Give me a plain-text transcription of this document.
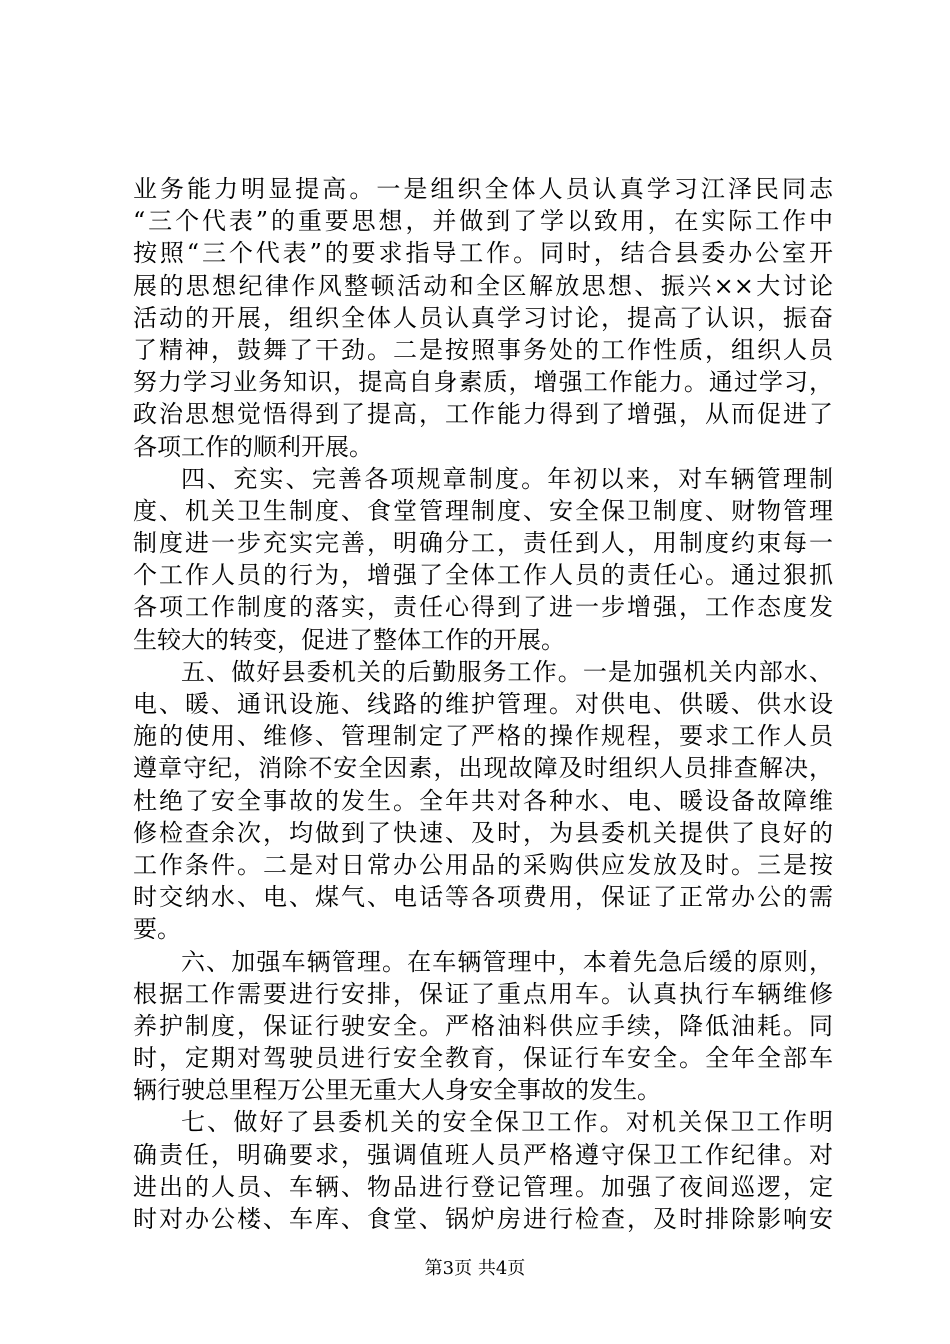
业务能力明显提高。一是组织全体人员认真学习江泽民同志
“三个代表”的重要思想，并做到了学以致用，在实际工作中
按照“三个代表”的要求指导工作。同时，结合县委办公室开
展的思想纪律作风整顿活动和全区解放思想、振兴××大讨论
活动的开展，组织全体人员认真学习讨论，提高了认识，振奋
了精神，鼓舞了干劲。二是按照事务处的工作性质，组织人员
努力学习业务知识，提高自身素质，增强工作能力。通过学习，
政治思想觉悟得到了提高，工作能力得到了增强，从而促进了
各项工作的顺利开展。
四、充实、完善各项规章制度。年初以来，对车辆管理制
度、机关卫生制度、食堂管理制度、安全保卫制度、财物管理
制度进一步充实完善，明确分工，责任到人，用制度约束每一
个工作人员的行为，增强了全体工作人员的责任心。通过狠抓
各项工作制度的落实，责任心得到了进一步增强，工作态度发
生较大的转变，促进了整体工作的开展。
五、做好县委机关的后勤服务工作。一是加强机关内部水、
电、暖、通讯设施、线路的维护管理。对供电、供暖、供水设
施的使用、维修、管理制定了严格的操作规程，要求工作人员
遵章守纪，消除不安全因素，出现故障及时组织人员排查解决，
杜绝了安全事故的发生。全年共对各种水、电、暖设备故障维
修检查余次，均做到了快速、及时，为县委机关提供了良好的
工作条件。二是对日常办公用品的采购供应发放及时。三是按
时交纳水、电、煤气、电话等各项费用，保证了正常办公的需
要。
六、加强车辆管理。在车辆管理中，本着先急后缓的原则，
根据工作需要进行安排，保证了重点用车。认真执行车辆维修
养护制度，保证行驶安全。严格油料供应手续，降低油耗。同
时，定期对驾驶员进行安全教育，保证行车安全。全年全部车
辆行驶总里程万公里无重大人身安全事故的发生。
七、做好了县委机关的安全保卫工作。对机关保卫工作明
确责任，明确要求，强调值班人员严格遵守保卫工作纪律。对
进出的人员、车辆、物品进行登记管理。加强了夜间巡逻，定
时对办公楼、车库、食堂、锅炉房进行检查，及时排除影响安
第3页 共4页
